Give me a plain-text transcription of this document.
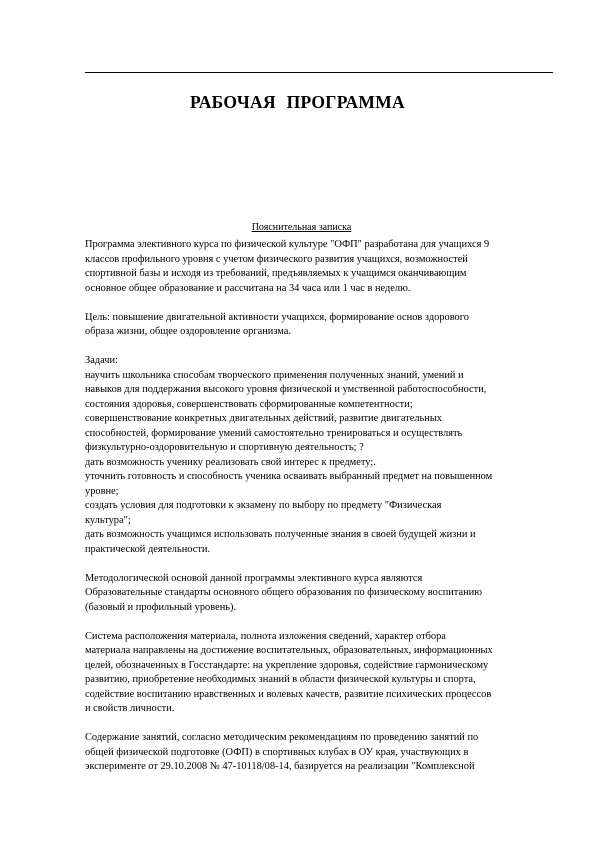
РАБОЧАЯ ПРОГРАММА
Пояснительная записка
Программа элективного курса по физической культуре "ОФП" разработана для учащихся 9
классов профильного уровня с учетом физического развития учащихся, возможностей
спортивной базы и исходя из требований, предъявляемых к учащимся оканчивающим
основное общее образование и рассчитана на 34 часа или 1 час в неделю.
Цель: повышение двигательной активности учащихся, формирование основ здорового
образа жизни, общее оздоровление организма.
Задачи:
научить школьника способам творческого применения полученных знаний, умений и
навыков для поддержания высокого уровня физической и умственной работоспособности,
состояния здоровья, совершенствовать сформированные компетентности;
совершенствование конкретных двигательных действий, развитие двигательных
способностей, формирование умений самостоятельно тренироваться и осуществлять
физкультурно-оздоровительную и спортивную деятельность; ?
дать возможность ученику реализовать свой интерес к предмету;.
уточнить готовность и способность ученика осваивать выбранный предмет на повышенном
уровне;
создать условия для подготовки к экзамену по выбору по предмету "Физическая
культура";
дать возможность учащимся использовать полученные знания в своей будущей жизни и
практической деятельности.
Методологической основой данной программы элективного курса являются
Образовательные стандарты основного общего образования по физическому воспитанию
(базовый и профильный уровень).
Система расположения материала, полнота изложения сведений, характер отбора
материала направлены на достижение воспитательных, образовательных, информационных
целей, обозначенных в Госстандарте: на укрепление здоровья, содействие гармоническому
развитию, приобретение необходимых знаний в области физической культуры и спорта,
содействие воспитанию нравственных и волевых качеств, развитие психических процессов
и свойств личности.
Содержание занятий, согласно методическим рекомендациям по проведению занятий по
общей физической подготовке (ОФП) в спортивных клубах в ОУ края, участвующих в
эксперименте от 29.10.2008 № 47-10118/08-14, базируется на реализации "Комплексной
